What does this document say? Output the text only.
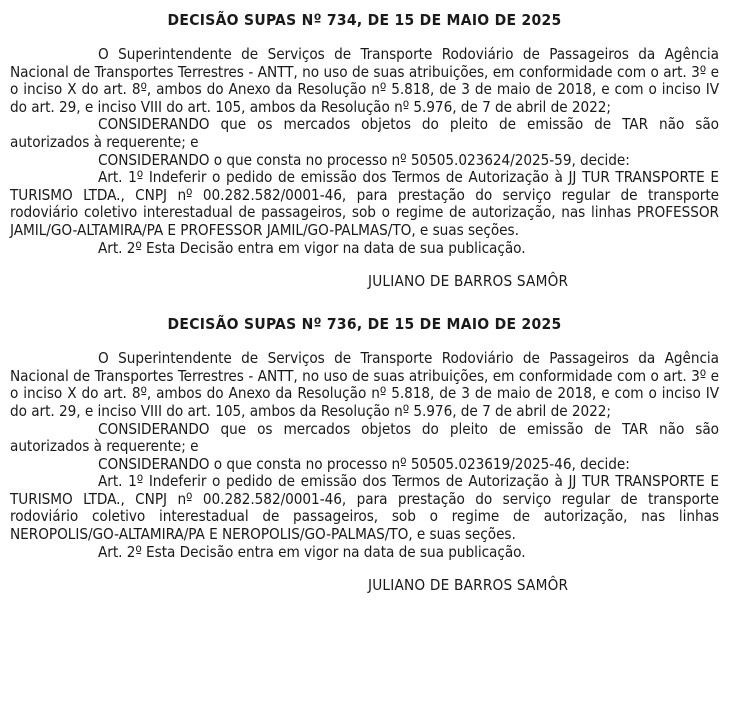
DECISÃO SUPAS Nº 734, DE 15 DE MAIO DE 2025

O Superintendente de Serviços de Transporte Rodoviário de Passageiros da Agência Nacional de Transportes Terrestres - ANTT, no uso de suas atribuições, em conformidade com o art. 3º e o inciso X do art. 8º, ambos do Anexo da Resolução nº 5.818, de 3 de maio de 2018, e com o inciso IV do art. 29, e inciso VIII do art. 105, ambos da Resolução nº 5.976, de 7 de abril de 2022;

CONSIDERANDO que os mercados objetos do pleito de emissão de TAR não são autorizados à requerente; e

CONSIDERANDO o que consta no processo nº 50505.023624/2025-59, decide:

Art. 1º Indeferir o pedido de emissão dos Termos de Autorização à JJ TUR TRANSPORTE E TURISMO LTDA., CNPJ nº 00.282.582/0001-46, para prestação do serviço regular de transporte rodoviário coletivo interestadual de passageiros, sob o regime de autorização, nas linhas PROFESSOR JAMIL/GO-ALTAMIRA/PA E PROFESSOR JAMIL/GO-PALMAS/TO, e suas seções.

Art. 2º Esta Decisão entra em vigor na data de sua publicação.

JULIANO DE BARROS SAMÔR

DECISÃO SUPAS Nº 736, DE 15 DE MAIO DE 2025

O Superintendente de Serviços de Transporte Rodoviário de Passageiros da Agência Nacional de Transportes Terrestres - ANTT, no uso de suas atribuições, em conformidade com o art. 3º e o inciso X do art. 8º, ambos do Anexo da Resolução nº 5.818, de 3 de maio de 2018, e com o inciso IV do art. 29, e inciso VIII do art. 105, ambos da Resolução nº 5.976, de 7 de abril de 2022;

CONSIDERANDO que os mercados objetos do pleito de emissão de TAR não são autorizados à requerente; e

CONSIDERANDO o que consta no processo nº 50505.023619/2025-46, decide:

Art. 1º Indeferir o pedido de emissão dos Termos de Autorização à JJ TUR TRANSPORTE E TURISMO LTDA., CNPJ nº 00.282.582/0001-46, para prestação do serviço regular de transporte rodoviário coletivo interestadual de passageiros, sob o regime de autorização, nas linhas NEROPOLIS/GO-ALTAMIRA/PA E NEROPOLIS/GO-PALMAS/TO, e suas seções.

Art. 2º Esta Decisão entra em vigor na data de sua publicação.

JULIANO DE BARROS SAMÔR
